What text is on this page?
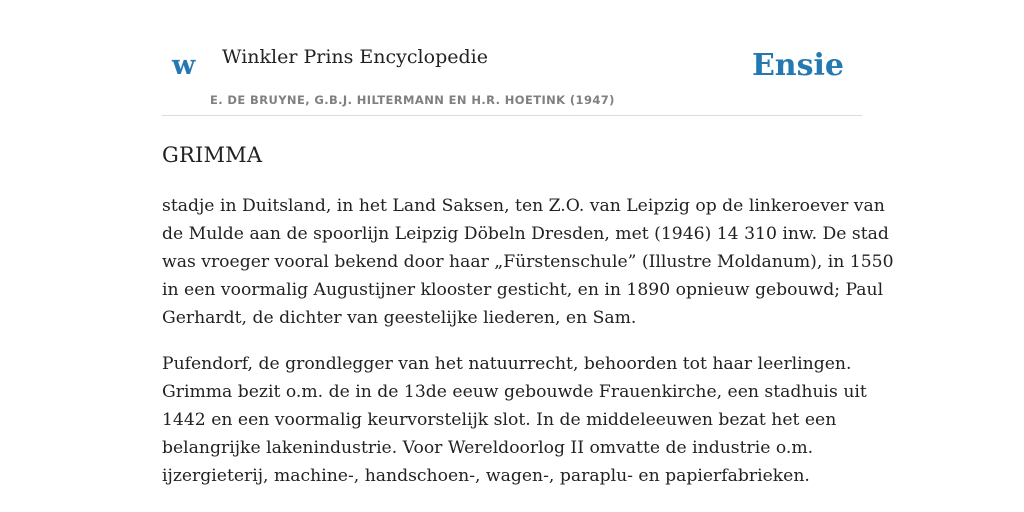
w Winkler Prins Encyclopedie
E. DE BRUYNE, G.B.J. HILTERMANN EN H.R. HOETINK (1947)
Ensie
GRIMMA

stadje in Duitsland, in het Land Saksen, ten Z.O. van Leipzig op de linkeroever van
de Mulde aan de spoorlijn Leipzig Döbeln Dresden, met (1946) 14 310 inw. De stad
was vroeger vooral bekend door haar „Fürstenschule” (Illustre Moldanum), in 1550
in een voormalig Augustijner klooster gesticht, en in 1890 opnieuw gebouwd; Paul
Gerhardt, de dichter van geestelijke liederen, en Sam.

Pufendorf, de grondlegger van het natuurrecht, behoorden tot haar leerlingen.
Grimma bezit o.m. de in de 13de eeuw gebouwde Frauenkirche, een stadhuis uit
1442 en een voormalig keurvorstelijk slot. In de middeleeuwen bezat het een
belangrijke lakenindustrie. Voor Wereldoorlog II omvatte de industrie o.m.
ijzergieterij, machine-, handschoen-, wagen-, paraplu- en papierfabrieken.
